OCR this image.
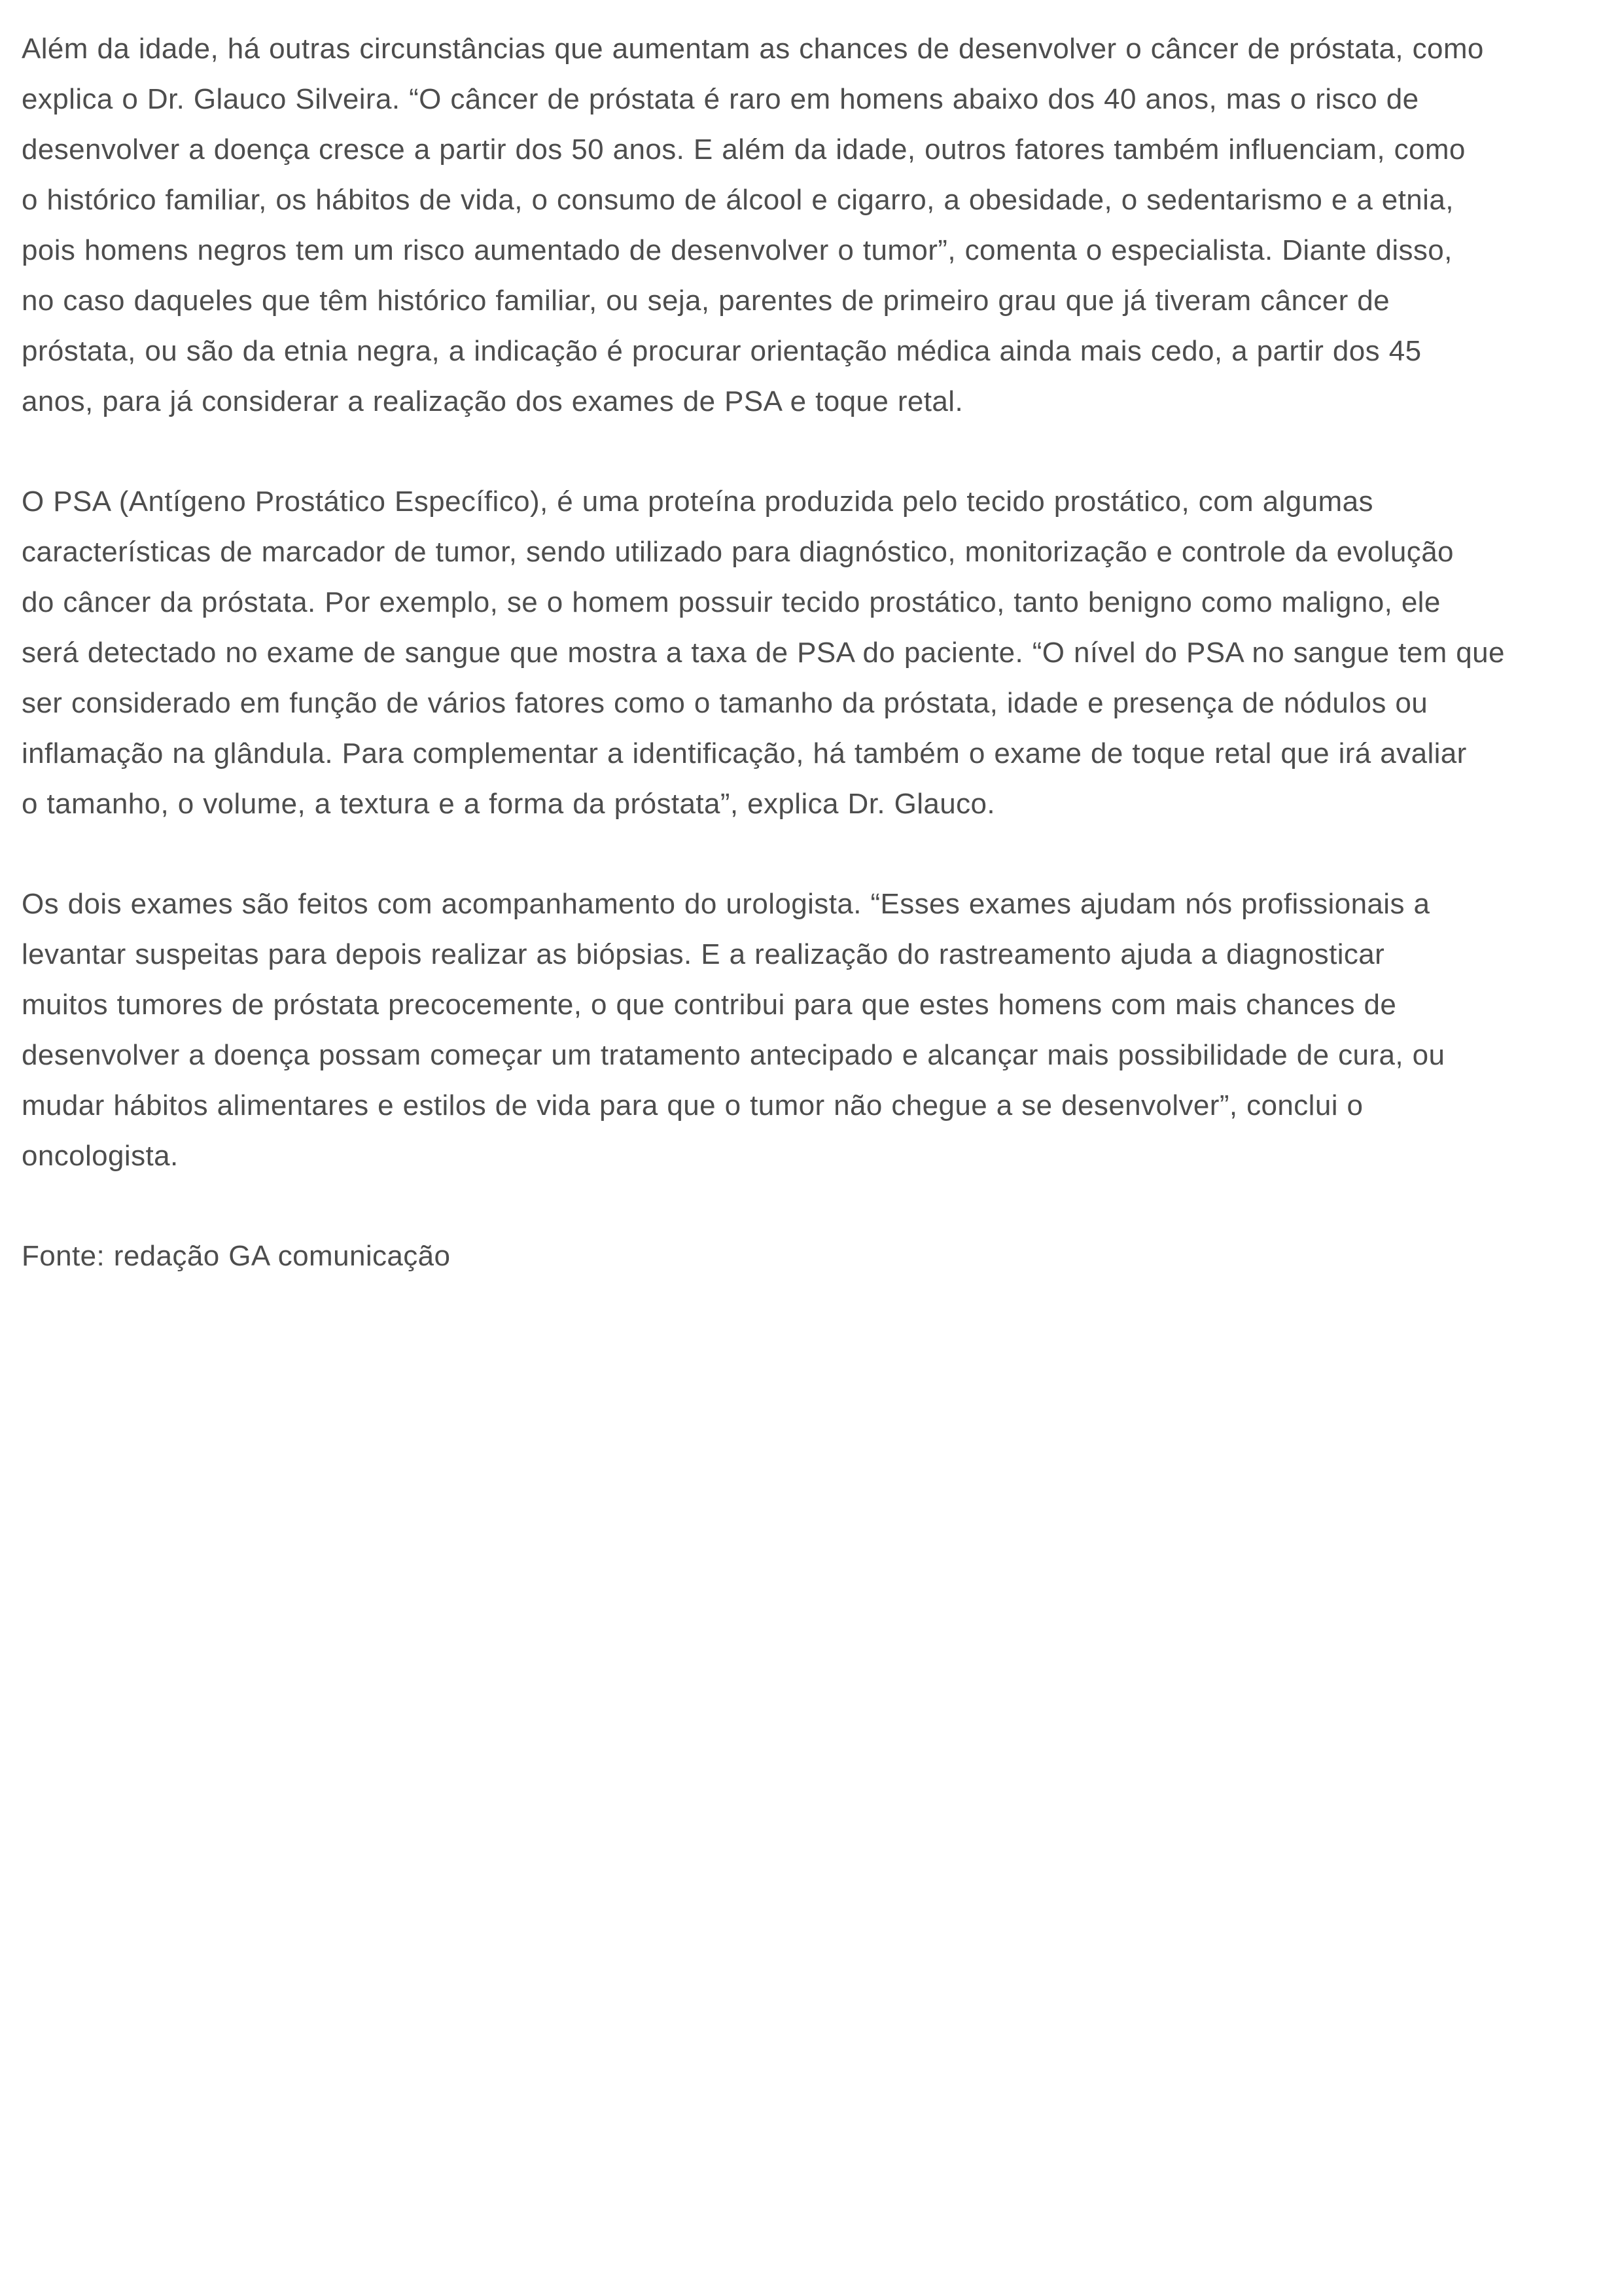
Além da idade, há outras circunstâncias que aumentam as chances de desenvolver o câncer de próstata, como
explica o Dr. Glauco Silveira. “O câncer de próstata é raro em homens abaixo dos 40 anos, mas o risco de
desenvolver a doença cresce a partir dos 50 anos. E além da idade, outros fatores também influenciam, como
o histórico familiar, os hábitos de vida, o consumo de álcool e cigarro, a obesidade, o sedentarismo e a etnia,
pois homens negros tem um risco aumentado de desenvolver o tumor”, comenta o especialista. Diante disso,
no caso daqueles que têm histórico familiar, ou seja, parentes de primeiro grau que já tiveram câncer de
próstata, ou são da etnia negra, a indicação é procurar orientação médica ainda mais cedo, a partir dos 45
anos, para já considerar a realização dos exames de PSA e toque retal.

O PSA (Antígeno Prostático Específico), é uma proteína produzida pelo tecido prostático, com algumas
características de marcador de tumor, sendo utilizado para diagnóstico, monitorização e controle da evolução
do câncer da próstata. Por exemplo, se o homem possuir tecido prostático, tanto benigno como maligno, ele
será detectado no exame de sangue que mostra a taxa de PSA do paciente. “O nível do PSA no sangue tem que
ser considerado em função de vários fatores como o tamanho da próstata, idade e presença de nódulos ou
inflamação na glândula. Para complementar a identificação, há também o exame de toque retal que irá avaliar
o tamanho, o volume, a textura e a forma da próstata”, explica Dr. Glauco.

Os dois exames são feitos com acompanhamento do urologista. “Esses exames ajudam nós profissionais a
levantar suspeitas para depois realizar as biópsias. E a realização do rastreamento ajuda a diagnosticar
muitos tumores de próstata precocemente, o que contribui para que estes homens com mais chances de
desenvolver a doença possam começar um tratamento antecipado e alcançar mais possibilidade de cura, ou
mudar hábitos alimentares e estilos de vida para que o tumor não chegue a se desenvolver”, conclui o
oncologista.

Fonte: redação GA comunicação
